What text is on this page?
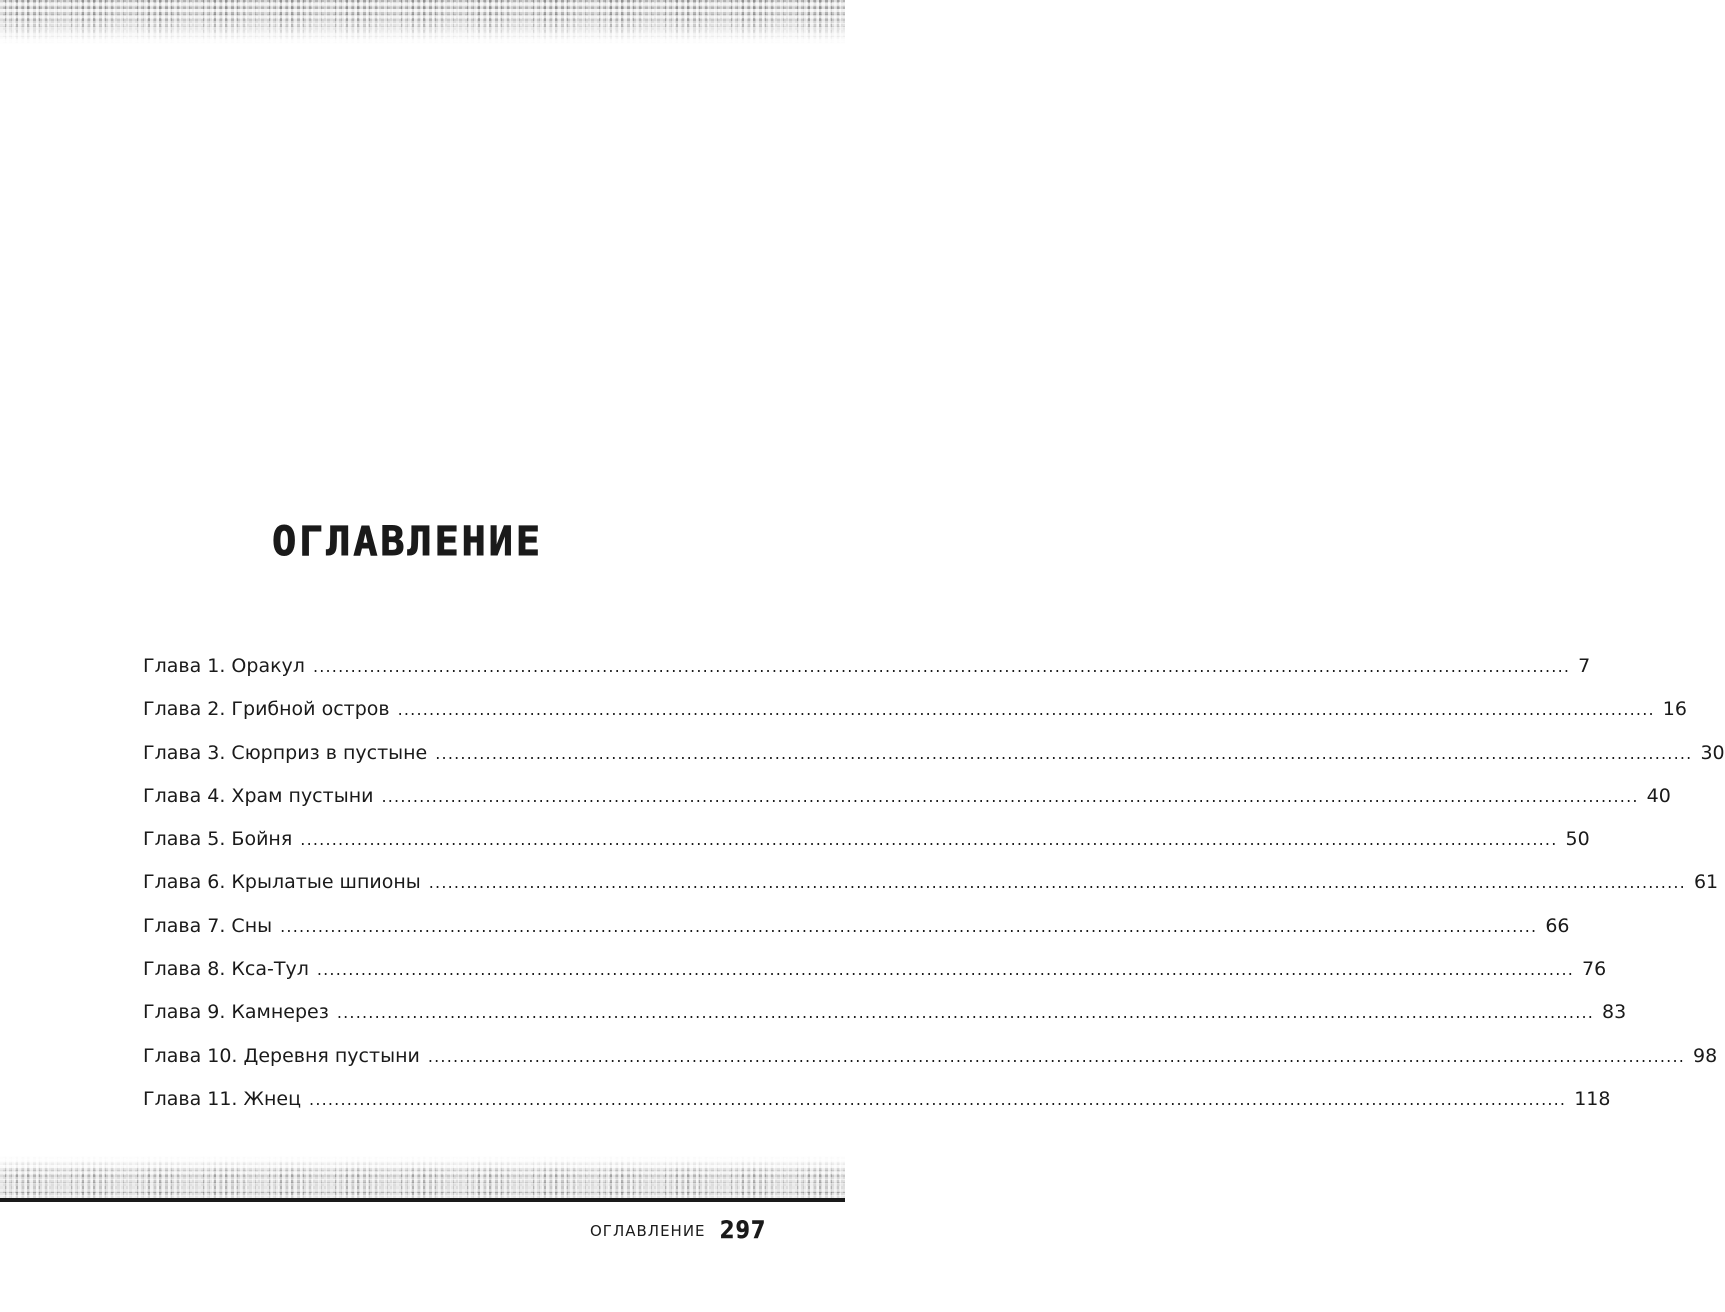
ОГЛАВЛЕНИЕ
Глава 1. Оракул ........................................................................................................................................................................................................ 7
Глава 2. Грибной остров ........................................................................................................................................................................................................ 16
Глава 3. Сюрприз в пустыне ........................................................................................................................................................................................................ 30
Глава 4. Храм пустыни ........................................................................................................................................................................................................ 40
Глава 5. Бойня ........................................................................................................................................................................................................ 50
Глава 6. Крылатые шпионы ........................................................................................................................................................................................................ 61
Глава 7. Сны ........................................................................................................................................................................................................ 66
Глава 8. Кса-Тул ........................................................................................................................................................................................................ 76
Глава 9. Камнерез ........................................................................................................................................................................................................ 83
Глава 10. Деревня пустыни ........................................................................................................................................................................................................ 98
Глава 11. Жнец ........................................................................................................................................................................................................ 118
ОГЛАВЛЕНИЕ 297
